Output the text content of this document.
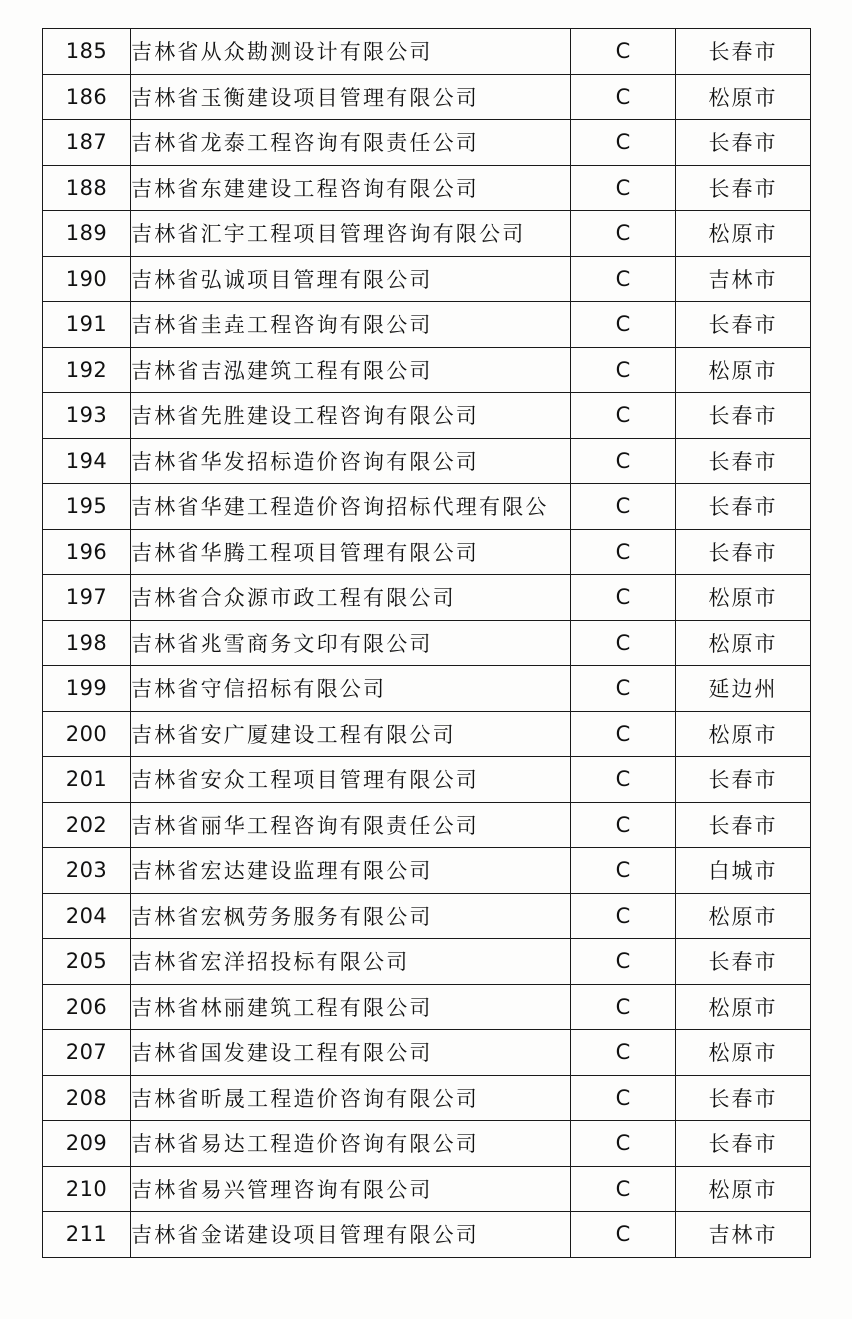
185	吉林省从众勘测设计有限公司	C	长春市
186	吉林省玉衡建设项目管理有限公司	C	松原市
187	吉林省龙泰工程咨询有限责任公司	C	长春市
188	吉林省东建建设工程咨询有限公司	C	长春市
189	吉林省汇宇工程项目管理咨询有限公司	C	松原市
190	吉林省弘诚项目管理有限公司	C	吉林市
191	吉林省圭垚工程咨询有限公司	C	长春市
192	吉林省吉泓建筑工程有限公司	C	松原市
193	吉林省先胜建设工程咨询有限公司	C	长春市
194	吉林省华发招标造价咨询有限公司	C	长春市
195	吉林省华建工程造价咨询招标代理有限公	C	长春市
196	吉林省华腾工程项目管理有限公司	C	长春市
197	吉林省合众源市政工程有限公司	C	松原市
198	吉林省兆雪商务文印有限公司	C	松原市
199	吉林省守信招标有限公司	C	延边州
200	吉林省安广厦建设工程有限公司	C	松原市
201	吉林省安众工程项目管理有限公司	C	长春市
202	吉林省丽华工程咨询有限责任公司	C	长春市
203	吉林省宏达建设监理有限公司	C	白城市
204	吉林省宏枫劳务服务有限公司	C	松原市
205	吉林省宏洋招投标有限公司	C	长春市
206	吉林省林丽建筑工程有限公司	C	松原市
207	吉林省国发建设工程有限公司	C	松原市
208	吉林省昕晟工程造价咨询有限公司	C	长春市
209	吉林省易达工程造价咨询有限公司	C	长春市
210	吉林省易兴管理咨询有限公司	C	松原市
211	吉林省金诺建设项目管理有限公司	C	吉林市
